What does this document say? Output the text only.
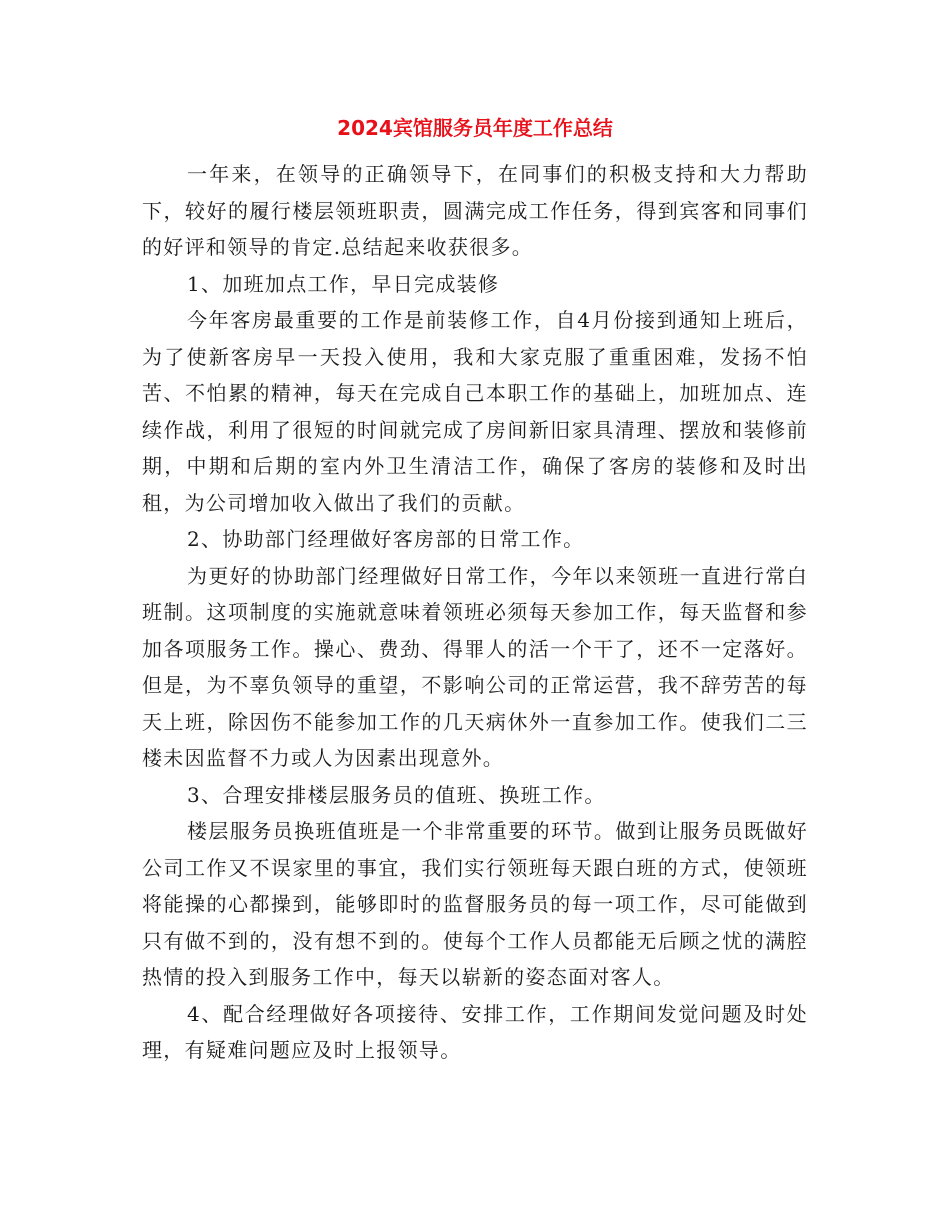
2024宾馆服务员年度工作总结

一年来，在领导的正确领导下，在同事们的积极支持和大力帮助下，较好的履行楼层领班职责，圆满完成工作任务，得到宾客和同事们的好评和领导的肯定.总结起来收获很多。

1、加班加点工作，早日完成装修

今年客房最重要的工作是前装修工作，自4月份接到通知上班后，为了使新客房早一天投入使用，我和大家克服了重重困难，发扬不怕苦、不怕累的精神，每天在完成自己本职工作的基础上，加班加点、连续作战，利用了很短的时间就完成了房间新旧家具清理、摆放和装修前期，中期和后期的室内外卫生清洁工作，确保了客房的装修和及时出租，为公司增加收入做出了我们的贡献。

2、协助部门经理做好客房部的日常工作。

为更好的协助部门经理做好日常工作，今年以来领班一直进行常白班制。这项制度的实施就意味着领班必须每天参加工作，每天监督和参加各项服务工作。操心、费劲、得罪人的活一个干了，还不一定落好。但是，为不辜负领导的重望，不影响公司的正常运营，我不辞劳苦的每天上班，除因伤不能参加工作的几天病休外一直参加工作。使我们二三楼未因监督不力或人为因素出现意外。

3、合理安排楼层服务员的值班、换班工作。

楼层服务员换班值班是一个非常重要的环节。做到让服务员既做好公司工作又不误家里的事宜，我们实行领班每天跟白班的方式，使领班将能操的心都操到，能够即时的监督服务员的每一项工作，尽可能做到只有做不到的，没有想不到的。使每个工作人员都能无后顾之忧的满腔热情的投入到服务工作中，每天以崭新的姿态面对客人。

4、配合经理做好各项接待、安排工作，工作期间发觉问题及时处理，有疑难问题应及时上报领导。
